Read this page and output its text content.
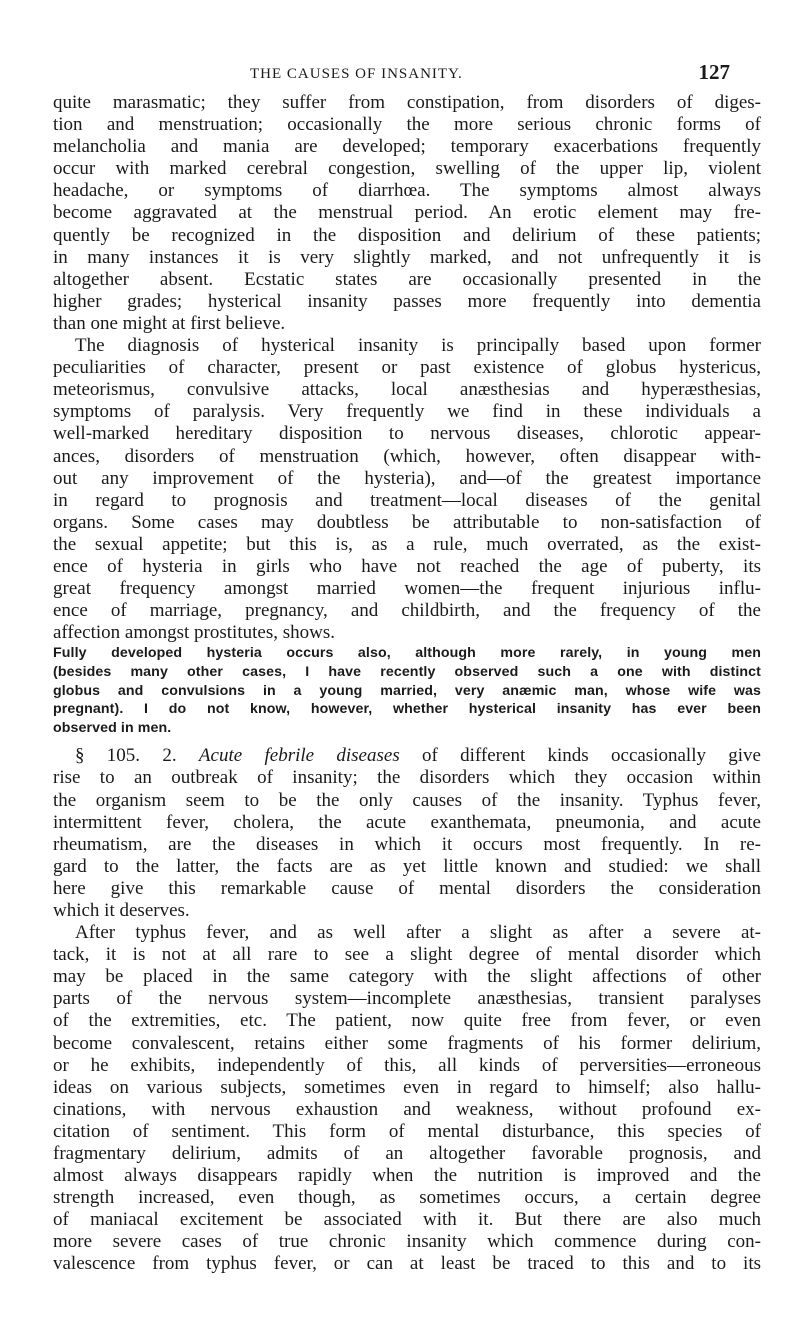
THE CAUSES OF INSANITY.	127
quite marasmatic; they suffer from constipation, from disorders of diges-
tion and menstruation; occasionally the more serious chronic forms of
melancholia and mania are developed; temporary exacerbations frequently
occur with marked cerebral congestion, swelling of the upper lip, violent
headache, or symptoms of diarrhœa. The symptoms almost always
become aggravated at the menstrual period. An erotic element may fre-
quently be recognized in the disposition and delirium of these patients;
in many instances it is very slightly marked, and not unfrequently it is
altogether absent. Ecstatic states are occasionally presented in the
higher grades; hysterical insanity passes more frequently into dementia
than one might at first believe.
The diagnosis of hysterical insanity is principally based upon former
peculiarities of character, present or past existence of globus hystericus,
meteorismus, convulsive attacks, local anæsthesias and hyperæsthesias,
symptoms of paralysis. Very frequently we find in these individuals a
well-marked hereditary disposition to nervous diseases, chlorotic appear-
ances, disorders of menstruation (which, however, often disappear with-
out any improvement of the hysteria), and—of the greatest importance
in regard to prognosis and treatment—local diseases of the genital
organs. Some cases may doubtless be attributable to non-satisfaction of
the sexual appetite; but this is, as a rule, much overrated, as the exist-
ence of hysteria in girls who have not reached the age of puberty, its
great frequency amongst married women—the frequent injurious influ-
ence of marriage, pregnancy, and childbirth, and the frequency of the
affection amongst prostitutes, shows.
Fully developed hysteria occurs also, although more rarely, in young men
(besides many other cases, I have recently observed such a one with distinct
globus and convulsions in a young married, very anæmic man, whose wife was
pregnant). I do not know, however, whether hysterical insanity has ever been
observed in men.
§ 105. 2. Acute febrile diseases of different kinds occasionally give
rise to an outbreak of insanity; the disorders which they occasion within
the organism seem to be the only causes of the insanity. Typhus fever,
intermittent fever, cholera, the acute exanthemata, pneumonia, and acute
rheumatism, are the diseases in which it occurs most frequently. In re-
gard to the latter, the facts are as yet little known and studied: we shall
here give this remarkable cause of mental disorders the consideration
which it deserves.
After typhus fever, and as well after a slight as after a severe at-
tack, it is not at all rare to see a slight degree of mental disorder which
may be placed in the same category with the slight affections of other
parts of the nervous system—incomplete anæsthesias, transient paralyses
of the extremities, etc. The patient, now quite free from fever, or even
become convalescent, retains either some fragments of his former delirium,
or he exhibits, independently of this, all kinds of perversities—erroneous
ideas on various subjects, sometimes even in regard to himself; also hallu-
cinations, with nervous exhaustion and weakness, without profound ex-
citation of sentiment. This form of mental disturbance, this species of
fragmentary delirium, admits of an altogether favorable prognosis, and
almost always disappears rapidly when the nutrition is improved and the
strength increased, even though, as sometimes occurs, a certain degree
of maniacal excitement be associated with it. But there are also much
more severe cases of true chronic insanity which commence during con-
valescence from typhus fever, or can at least be traced to this and to its
